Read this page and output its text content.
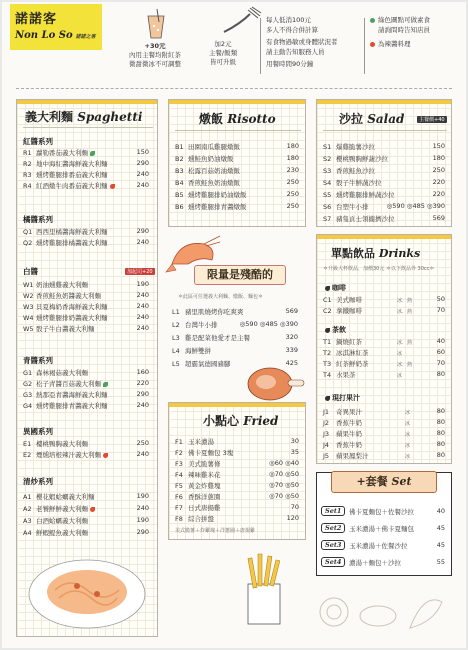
諾諾客
Non Lo So 諾諾之客
+30元
內用主餐均附紅茶
微甜微冰不可調整
加2元
主餐/飯類
皆可升級
每人低消100元
多人不得合併計算
有食物過敏或身體狀況者
請主動告知服務人員
用餐時間90分鐘
綠色圖點可做素食
請詢問時告知店員
為辣醬料理
義大利麵 Spaghetti
紅醬系列
R1 蘿勒番茄義大利麵	150
R2 地中海紅醬海鮮義大利麵	290
R3 燻烤雞腿排番茄義大利麵	240
R4 紅酒燉牛肉番茄義大利麵	240
橘醬系列
Q1 西西里橘醬海鮮義大利麵	290
Q2 燻烤雞腿排橘醬義大利麵	240
白醬	加起司+20
W1 奶油燻雞義大利麵	190
W2 香煎鮭魚奶醬義大利麵	240
W3 貝夏梅奶香海鮮義大利麵	240
W4 燻烤雞腿排奶醬義大利麵	240
W5 骰子牛白醬義大利麵	240
青醬系列
G1 森林褐菇義大利麵	160
G2 松子青醬百菇義大利麵	220
G3 熱那亞青醬海鮮義大利麵	290
G4 燻烤雞腿排青醬義大利麵	240
異國系列
E1 樓桃鴨胸義大利麵	250
E2 煙燻培根辣汁義大利麵	240
清炒系列
A1 櫻花蝦蛤蠣義大利麵	190
A2 老饕鮮鮮義大利麵	240
A3 白酒蛤蠣義大利麵	190
A4 鮮蝦鯷魚義大利麵	290
燉飯 Risotto
B1 田園南瓜雞腿燉飯	180
B2 燻鮭魚奶油燉飯	180
B3 松露百菇奶油燉飯	230
B4 香煎鮭魚奶油燉飯	250
B5 燻烤雞腿排奶油燉飯	250
B6 燻烤雞腿排青醬燉飯	250
限量是殘酷的
＊此區可任選義大利麵、燉飯、麵包＊
L1 豬里肌燒烤你吃爽爽	569
L2 台灣牛小排	◎590 ◎485 ◎390
L3 雞是配菜他愛才是主餐	320
L4 海鮮雙拼	339
L5 超霸氣德國豬腳	425
小點心 Fried
F1 玉米濃湯	30
F2 佛卡夏麵包 3塊	35
F3 美式脆薯條	◎60 ◎40
F4 辣味雞米花	◎70 ◎50
F5 黃金炸雞塊	◎70 ◎50
F6 香酥洋蔥圈	◎70 ◎50
F7 日式唐揚雞	70
F8 綜合拼盤	120
美式脆薯＋炸雞塊＋洋蔥圈＋唐揚雞
沙拉 Salad	主餐價+40
S1 爆雞脆薯沙拉	150
S2 櫻桃鴨胸鮮蔬沙拉	180
S3 香煎鮭魚沙拉	250
S4 骰子牛鮮蔬沙拉	220
S5 燻烤雞腿排鮮蔬沙拉	220
S6 台塑牛小排	◎590 ◎485 ◎390
S7 豬隻貢士領攏擠沙拉	569
單點飲品 Drinks
＊升級大杯飲品，加價30元 ＊以下飲品外 30cc＊
咖啡
C1 美式咖啡	冰．熱	50
C2 拿鐵咖啡	冰．熱	70
茶飲
T1 鍋燒紅茶	冰．熱	40
T2 冰淇淋紅茶	冰	60
T3 紅茶鮮奶茶	冰．熱	70
T4 水果茶	冰	80
現打果汁
J1 奇異果汁	冰	80
J2 香蕉牛奶	冰	80
J3 蘋果牛奶	冰	80
J4 香蕉牛奶	冰	80
J5 蘋果鳳梨汁	冰	80
+套餐 Set
Set1	佛卡夏麵包＋佐餐沙拉	40
Set2	玉米濃湯＋佛卡夏麵包	45
Set3	玉米濃湯＋佐餐沙拉	45
Set4	濃湯＋麵包＋沙拉	55
